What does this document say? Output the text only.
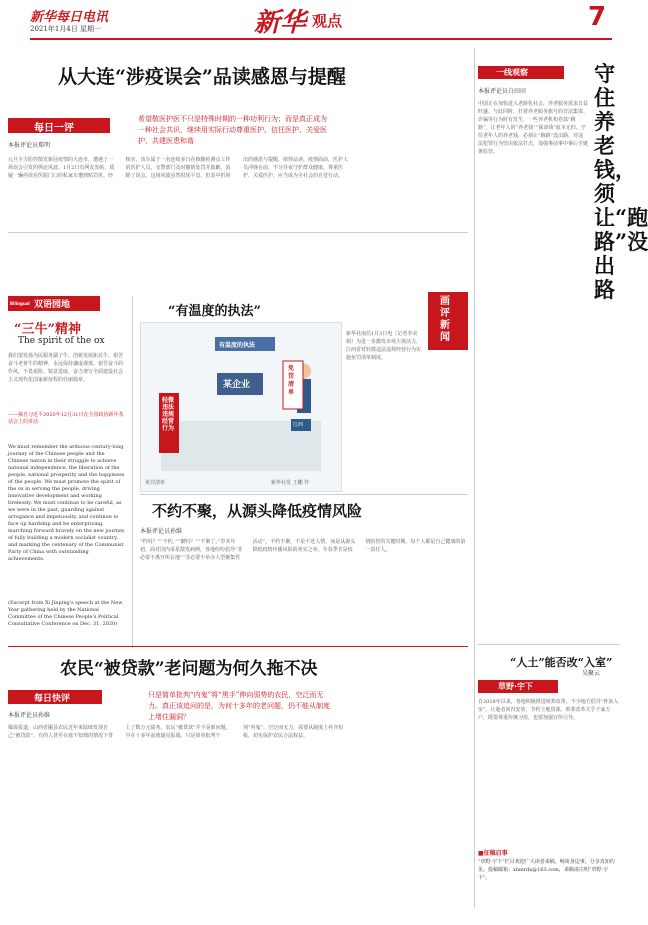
新华每日电讯
2021年1月4日 星期一	新华 观点	7
从大连“涉疫误会”品读感恩与提醒
每日一评
本报评论员郑明
希望敬医护医不只是特殊时期的一种功利行为；而是真正成为一种社会共识，继续用实际行动尊重医护、信任医护、关爱医护、共建医患和谐
元旦全力防控散发新冠疫情的大连市，遭遇了一场误会引发的舆论风波。1月2日有网友发帖，质疑一辆停放在医院门口的私家车遭到贴罚单。经核实，该车属于一名连续多日在核酸检测点工作的医护人员，交警部门及时撤销处罚并致歉，消除了误会。这场风波虽然很快平息，但其中折射出的感恩与提醒，值得品读。疫情面前，医护人员冲锋在前，不分昼夜守护群众健康。尊重医护、关爱医护，应当成为全社会的自觉行动。
双语园地
Bilingual
“三牛”精神
The spirit of the ox
我们要发扬为民服务孺子牛、创新发展拓荒牛、艰苦奋斗老黄牛的精神，永远保持谦虚谨慎、艰苦奋斗的作风，不畏艰险、锐意进取，奋力谱写全面建设社会主义现代化国家新征程的壮丽篇章。
——摘自习近平2020年12月31日在全国政协新年茶话会上的讲话
We must remember the arduous century-long journey of the Chinese people and the Chinese nation in their struggle to achieve national independence, the liberation of the people, national prosperity and the happiness of the people. We must promote the spirit of the ox in serving the people, driving innovative development and working tirelessly. We must continue to be careful, as we were in the past, guarding against arrogance and impetuosity, and continue to face up hardship and be enterprising, marching forward bravely on the new journey of fully building a modern socialist country, and marking the centenary of the Communist Party of China with outstanding achievements.
(Excerpt from Xi Jinping's speech at the New Year gathering held by the National Committee of the Chinese People's Political Consultative Conference on Dec. 31, 2020)
“有温度的执法”
有温度的执法
某企业
轻微违法违规经营行为
免罚清单
江西
免罚清单	新华社发 王鹏 作
新华社南昌1月3日电（记者李美娟）为进一步激发市场主体活力，江西省对轻微违法违规经营行为实施免罚清单制度。
画评新闻
不约不聚，从源头降低疫情风险
本报评论员孙维
“约吗？”“不约。”“聚吗？”“不聚了。”岁末年初，面对国内零星散发病例，各地纷纷倡导“非必要不离开所在地”“非必要不举办大型聚集性活动”。不约不聚，不是不近人情，而是从源头降低疫情传播风险的务实之举。冬春季节是疫情防控的关键时期，每个人都是自己健康的第一责任人。
一线观察
本报评论员白田田
中国正在加快进入老龄化社会，养老服务需求日益旺盛。与此同时，打着养老服务旗号的非法集资、诈骗等行为时有发生，一些养老机构卷款“跑路”，让老年人的“养老钱”“保命钱”血本无归。守住老年人的养老钱，必须让“跑路”没出路，对违法犯罪行为坚决依法打击，加强事前事中事后全链条监管。
守住养老钱，须让“跑路”没出路
“人土”能否改“入室”
吴聚云
草野·宇下
自2018年以来，各地积极推进殡葬改革，不少地方倡导“骨灰入室”，让逝者回归安放，节约土地资源。殡葬改革关乎千家万户，既要尊重传统习俗，也要加强宣传引导。
■征稿启事
“草野·宇下”栏目欢迎广大读者来稿，畅谈身边事，分享真知灼见。投稿邮箱：xhmrdx@163.com，来稿请注明“草野·宇下”。
农民“被贷款”老问题为何久拖不决
每日快评
本报评论员孙维
只是简单批判“内鬼”将“黑手”伸向弱势的农民，空泛而无力。真正该追问的是，为何十多年的老问题，仍不能从制度上堵住漏洞？
媒体报道，山西省隰县农民近年来陆续发现自己“被贷款”，有的人甚至在毫不知情的情况下背上了数万元债务。农民“被贷款”并不是新问题，早在十多年前就屡见报端。只是简单批判个别“内鬼”，空泛而无力，需要从制度上补齐短板，切实保护农民合法权益。
